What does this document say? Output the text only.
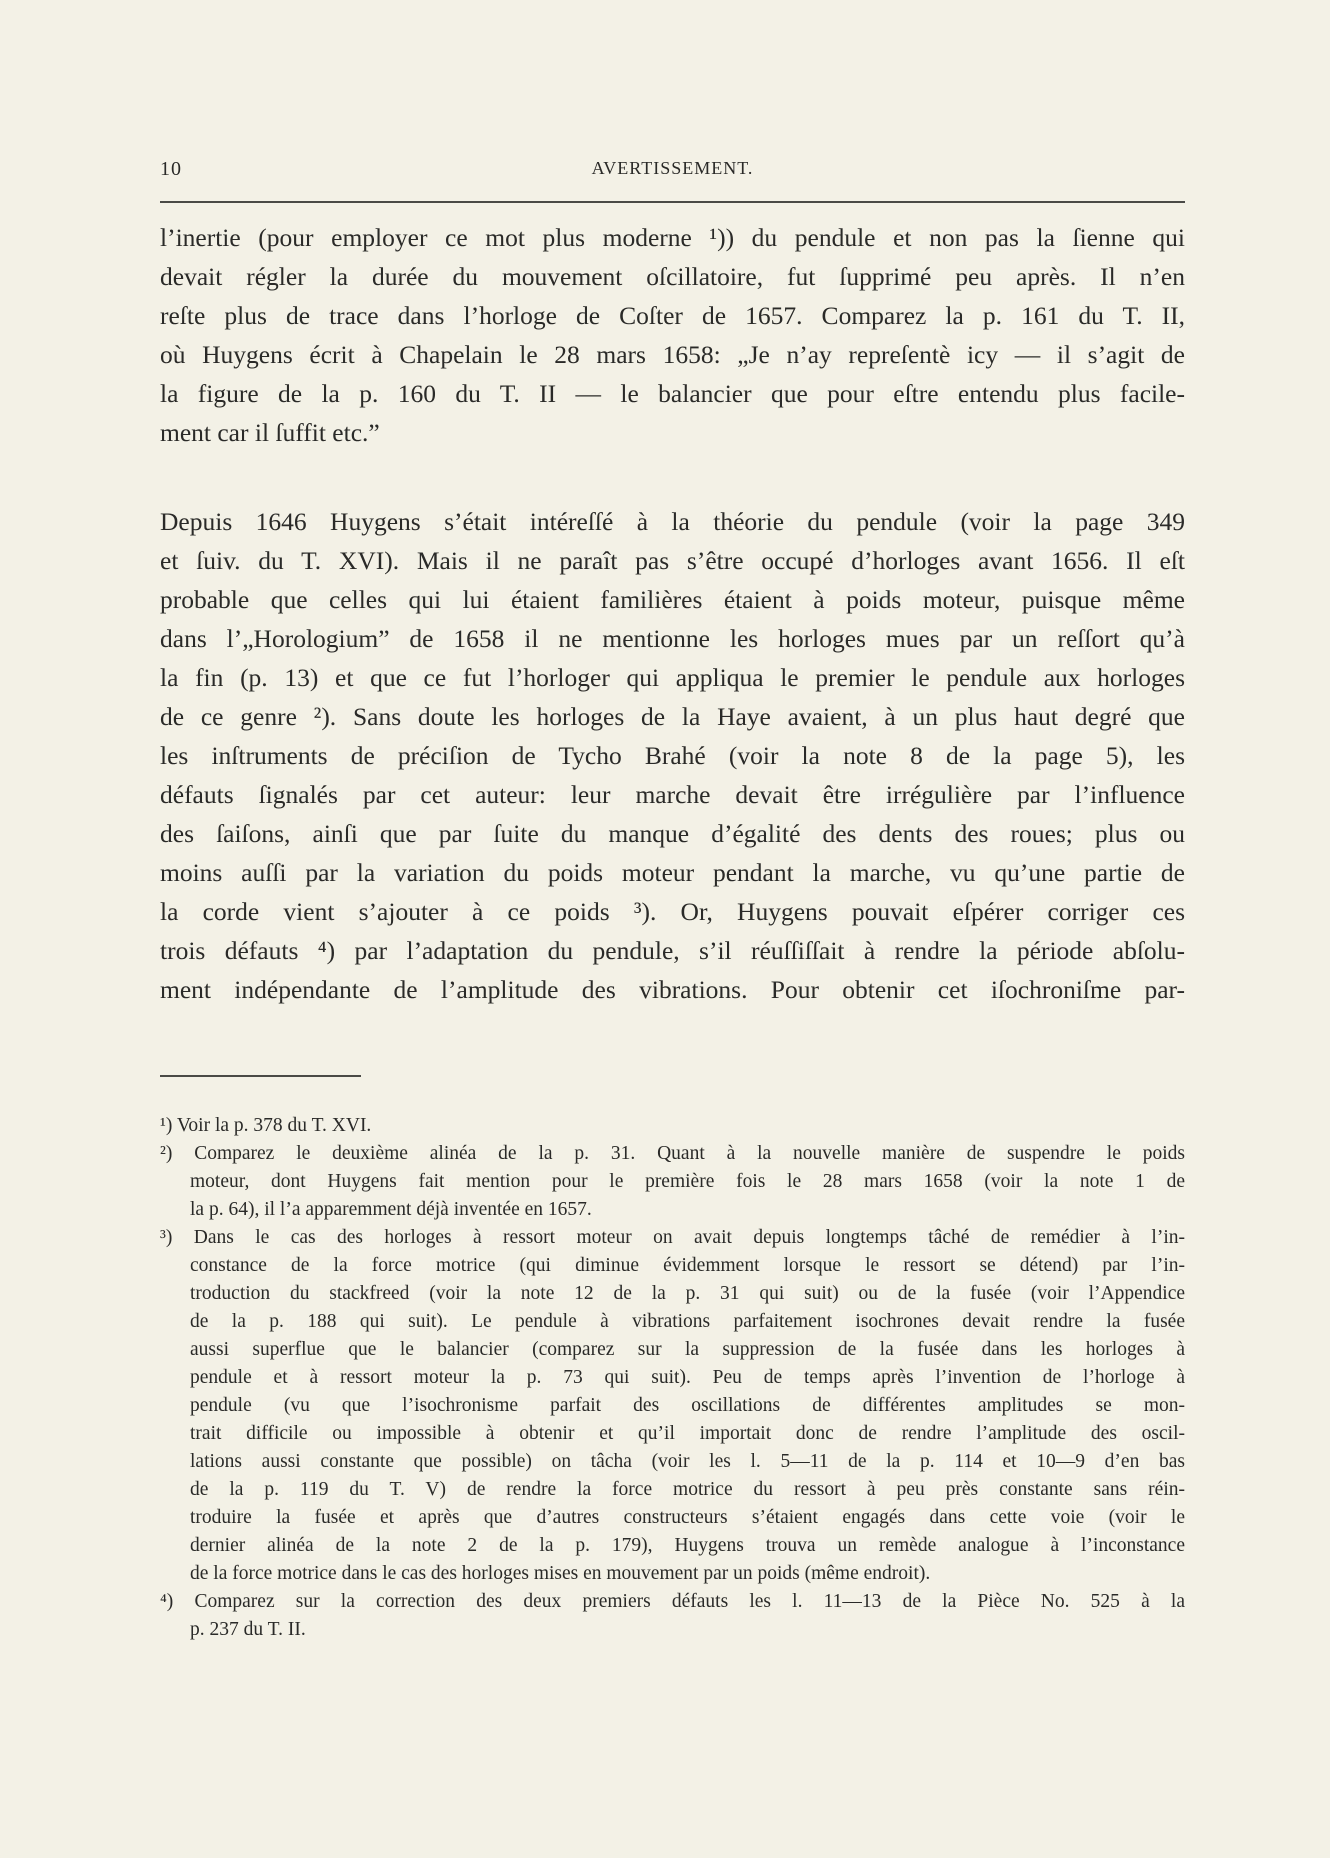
10	AVERTISSEMENT.
l’inertie (pour employer ce mot plus moderne ¹)) du pendule et non pas la ſienne qui
devait régler la durée du mouvement oſcillatoire, fut ſupprimé peu après. Il n’en
reſte plus de trace dans l’horloge de Coſter de 1657. Comparez la p. 161 du T. II,
où Huygens écrit à Chapelain le 28 mars 1658: „Je n’ay repreſentè icy — il s’agit de
la figure de la p. 160 du T. II — le balancier que pour eſtre entendu plus facile-
ment car il ſuffit etc.”
Depuis 1646 Huygens s’était intéreſſé à la théorie du pendule (voir la page 349
et ſuiv. du T. XVI). Mais il ne paraît pas s’être occupé d’horloges avant 1656. Il eſt
probable que celles qui lui étaient familières étaient à poids moteur, puisque même
dans l’„Horologium” de 1658 il ne mentionne les horloges mues par un reſſort qu’à
la fin (p. 13) et que ce fut l’horloger qui appliqua le premier le pendule aux horloges
de ce genre ²). Sans doute les horloges de la Haye avaient, à un plus haut degré que
les inſtruments de préciſion de Tycho Brahé (voir la note 8 de la page 5), les
défauts ſignalés par cet auteur: leur marche devait être irrégulière par l’influence
des ſaiſons, ainſi que par ſuite du manque d’égalité des dents des roues; plus ou
moins auſſi par la variation du poids moteur pendant la marche, vu qu’une partie de
la corde vient s’ajouter à ce poids ³). Or, Huygens pouvait eſpérer corriger ces
trois défauts ⁴) par l’adaptation du pendule, s’il réuſſiſſait à rendre la période abſolu-
ment indépendante de l’amplitude des vibrations. Pour obtenir cet iſochroniſme par-
¹) Voir la p. 378 du T. XVI.
²) Comparez le deuxième alinéa de la p. 31. Quant à la nouvelle manière de suspendre le poids
moteur, dont Huygens fait mention pour le première fois le 28 mars 1658 (voir la note 1 de
la p. 64), il l’a apparemment déjà inventée en 1657.
³) Dans le cas des horloges à ressort moteur on avait depuis longtemps tâché de remédier à l’in-
constance de la force motrice (qui diminue évidemment lorsque le ressort se détend) par l’in-
troduction du stackfreed (voir la note 12 de la p. 31 qui suit) ou de la fusée (voir l’Appendice
de la p. 188 qui suit). Le pendule à vibrations parfaitement isochrones devait rendre la fusée
aussi superflue que le balancier (comparez sur la suppression de la fusée dans les horloges à
pendule et à ressort moteur la p. 73 qui suit). Peu de temps après l’invention de l’horloge à
pendule (vu que l’isochronisme parfait des oscillations de différentes amplitudes se mon-
trait difficile ou impossible à obtenir et qu’il importait donc de rendre l’amplitude des oscil-
lations aussi constante que possible) on tâcha (voir les l. 5—11 de la p. 114 et 10—9 d’en bas
de la p. 119 du T. V) de rendre la force motrice du ressort à peu près constante sans réin-
troduire la fusée et après que d’autres constructeurs s’étaient engagés dans cette voie (voir le
dernier alinéa de la note 2 de la p. 179), Huygens trouva un remède analogue à l’inconstance
de la force motrice dans le cas des horloges mises en mouvement par un poids (même endroit).
⁴) Comparez sur la correction des deux premiers défauts les l. 11—13 de la Pièce No. 525 à la
p. 237 du T. II.
